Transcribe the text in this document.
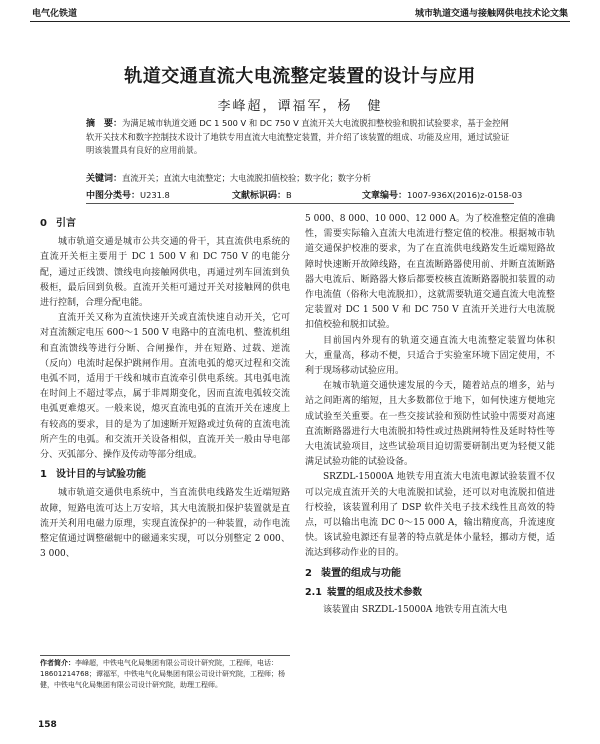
电气化铁道	城市轨道交通与接触网供电技术论文集
轨道交通直流大电流整定装置的设计与应用
李峰超，谭福军，杨　健
摘　要：为满足城市轨道交通 DC 1 500 V 和 DC 750 V 直流开关大电流脱扣整校验和脱扣试验要求，基于金控闸软开关技术和数字控制技术设计了地铁专用直流大电流整定装置，并介绍了该装置的组成、功能及应用，通过试验证明该装置具有良好的应用前景。
关键词：直流开关；直流大电流整定；大电流脱扣值校验；数字化；数字分析
中图分类号：U231.8	文献标识码：B	文章编号：1007-936X(2016)z-0158-03
0 引言

城市轨道交通是城市公共交通的骨干，其直流供电系统的直流开关柜主要用于 DC 1 500 V 和 DC 750 V 的电能分配，通过正线馈、馈线电向接触网供电，再通过列车回流到负极柜，最后回到负极。直流开关柜可通过开关对接触网的供电进行控制，合理分配电能。

直流开关又称为直流快速开关或直流快速自动开关，它可对直流额定电压 600～1 500 V 电路中的直流电机、整流机组和直流馈线等进行分断、合闸操作，并在短路、过载、逆流（反向）电流时起保护跳闸作用。直流电弧的熄灭过程和交流电弧不同，适用于干线和城市直流牵引供电系统。其电弧电流在时间上不超过零点，属于非周期变化，因而直流电弧较交流电弧更难熄灭。一般来说，熄灭直流电弧的直流开关在速度上有较高的要求，目的是为了加速断开短路或过负荷的直流电流所产生的电弧。和交流开关设备相似，直流开关一般由导电部分、灭弧部分、操作及传动等部分组成。

1 设计目的与试验功能

城市轨道交通供电系统中，当直流供电线路发生近端短路故障，短路电流可达上万安培，其大电流脱扣保护装置就是直流开关利用电磁力原理，实现直流保护的一种装置，动作电流整定值通过调整磁轭中的磁通来实现，可以分别整定 2 000、3 000、

5 000、8 000、10 000、12 000 A。为了校准整定值的准确性，需要实际输入直流大电流进行整定值的校准。根据城市轨道交通保护校准的要求，为了在直流供电线路发生近端短路故障时快速断开故障线路，在直流断路器使用前、并断直流断路器大电流后、断路器大修后都要校核直流断路器脱扣装置的动作电流值（俗称大电流脱扣），这就需要轨道交通直流大电流整定装置对 DC 1 500 V 和 DC 750 V 直流开关进行大电流脱扣值校验和脱扣试验。

目前国内外现有的轨道交通直流大电流整定装置均体积大，重量高，移动不便，只适合于实验室环境下固定使用，不利于现场移动试验应用。

在城市轨道交通快速发展的今天，随着站点的增多，站与站之间距离的缩短，且大多数都位于地下，如何快速方便地完成试验至关重要。在一些交接试验和预防性试验中需要对高速直流断路器进行大电流脱扣特性或过热跳闸特性及延时特性等大电流试验项目，这些试验项目迫切需要研制出更为轻便又能满足试验功能的试验设备。

SRZDL-15000A 地铁专用直流大电流电源试验装置不仅可以完成直流开关的大电流脱扣试验，还可以对电流脱扣值进行校验，该装置利用了 DSP 软件关电子技术线性且高效的特点，可以输出电流 DC 0～15 000 A，输出精度高，升流速度快。该试验电源还有显著的特点就是体小量轻，挪动方便，适流达到移动作业的目的。

2 装置的组成与功能
2.1 装置的组成及技术参数

该装置由 SRZDL-15000A 地铁专用直流大电

作者简介：李峰超，中铁电气化局集团有限公司设计研究院，工程师，电话：18601214768；谭福军，中铁电气化局集团有限公司设计研究院，工程师；杨　健，中铁电气化局集团有限公司设计研究院，助理工程师。
158
